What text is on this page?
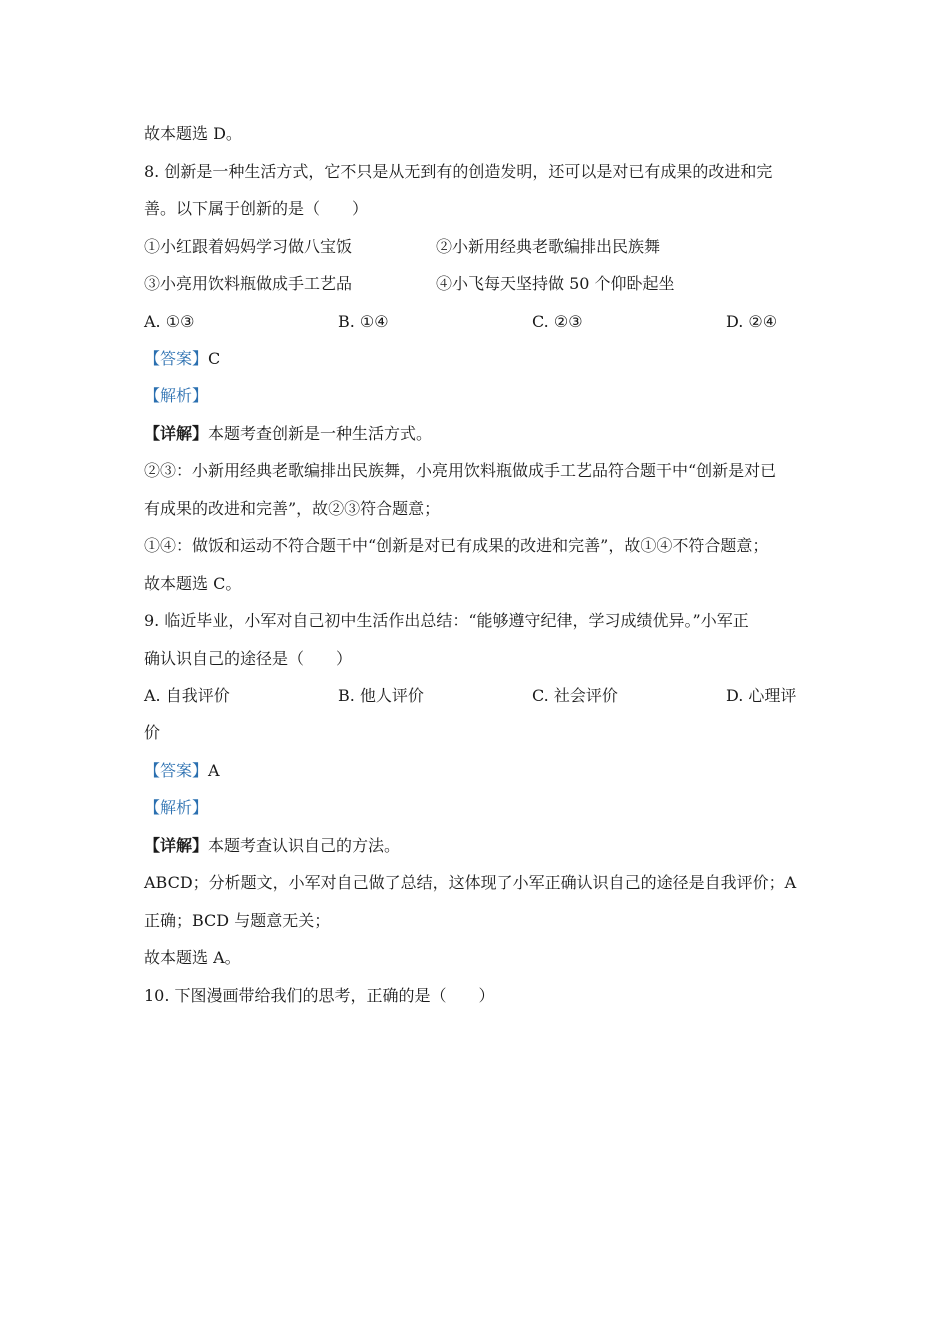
故本题选 D。
8. 创新是一种生活方式，它不只是从无到有的创造发明，还可以是对已有成果的改进和完
善。以下属于创新的是（　　）
①小红跟着妈妈学习做八宝饭	②小新用经典老歌编排出民族舞
③小亮用饮料瓶做成手工艺品	④小飞每天坚持做 50 个仰卧起坐
A. ①③	B. ①④	C. ②③	D. ②④
【答案】C
【解析】
【详解】本题考查创新是一种生活方式。
②③：小新用经典老歌编排出民族舞，小亮用饮料瓶做成手工艺品符合题干中“创新是对已
有成果的改进和完善”，故②③符合题意；
①④：做饭和运动不符合题干中“创新是对已有成果的改进和完善”，故①④不符合题意；
故本题选 C。
9. 临近毕业，小军对自己初中生活作出总结：“能够遵守纪律，学习成绩优异。”小军正
确认识自己的途径是（　　）
A. 自我评价	B. 他人评价	C. 社会评价	D. 心理评
价
【答案】A
【解析】
【详解】本题考查认识自己的方法。
ABCD；分析题文，小军对自己做了总结，这体现了小军正确认识自己的途径是自我评价；A
正确；BCD 与题意无关；
故本题选 A。
10. 下图漫画带给我们的思考，正确的是（　　）
